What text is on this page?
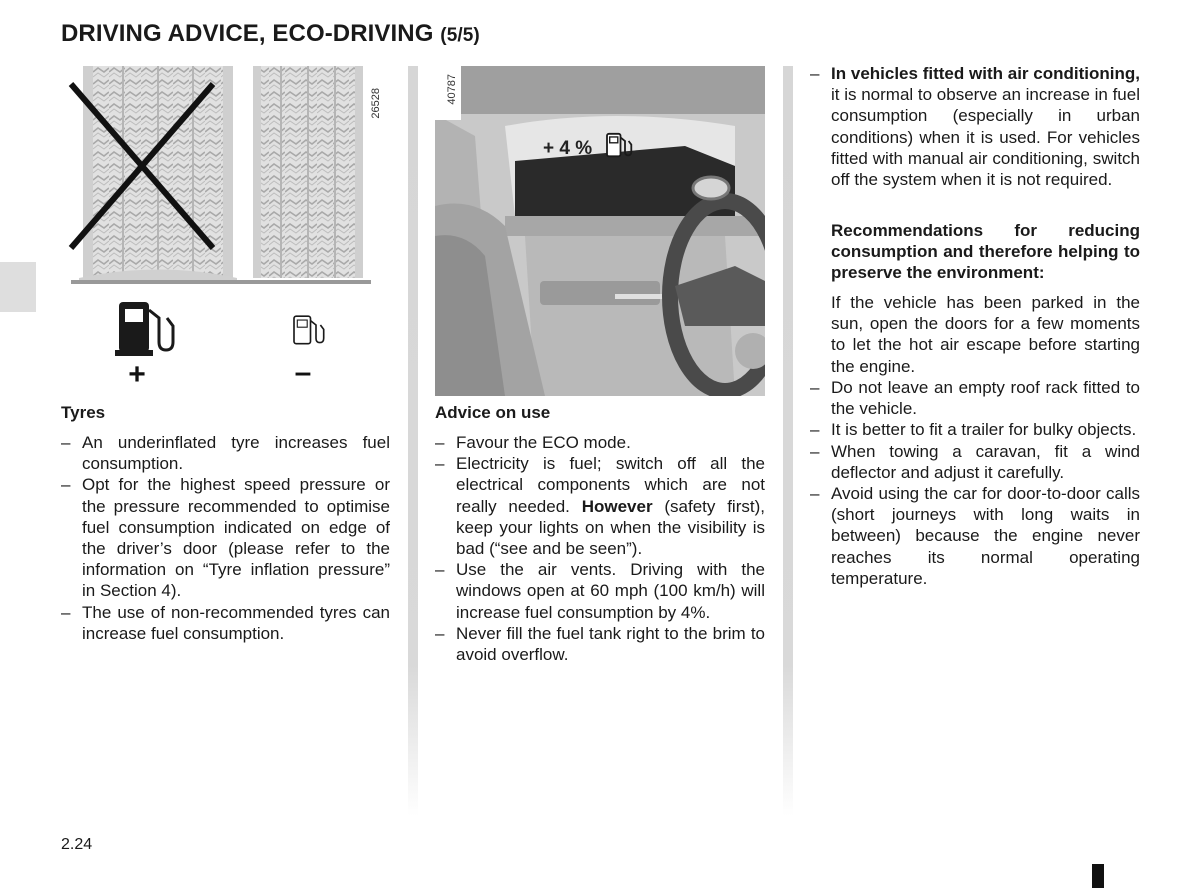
DRIVING ADVICE, ECO-DRIVING (5/5)
26528
+	–
+ 4 %
40787
Tyres
– An underinflated tyre increases fuel consumption.
– Opt for the highest speed pressure or the pressure recommended to optimise fuel consumption indicated on edge of the driver’s door (please refer to the information on “Tyre inflation pressure” in Section 4).
– The use of non-recommended tyres can increase fuel consumption.
Advice on use
– Favour the ECO mode.
– Electricity is fuel; switch off all the electrical components which are not really needed. However (safety first), keep your lights on when the visibility is bad (“see and be seen”).
– Use the air vents. Driving with the windows open at 60 mph (100 km/h) will increase fuel consumption by 4%.
– Never fill the fuel tank right to the brim to avoid overflow.
– In vehicles fitted with air conditioning, it is normal to observe an increase in fuel consumption (especially in urban conditions) when it is used. For vehicles fitted with manual air conditioning, switch off the system when it is not required.
Recommendations for reducing consumption and therefore helping to preserve the environment:
If the vehicle has been parked in the sun, open the doors for a few moments to let the hot air escape before starting the engine.
– Do not leave an empty roof rack fitted to the vehicle.
– It is better to fit a trailer for bulky objects.
– When towing a caravan, fit a wind deflector and adjust it carefully.
– Avoid using the car for door-to-door calls (short journeys with long waits in between) because the engine never reaches its normal operating temperature.
2.24
